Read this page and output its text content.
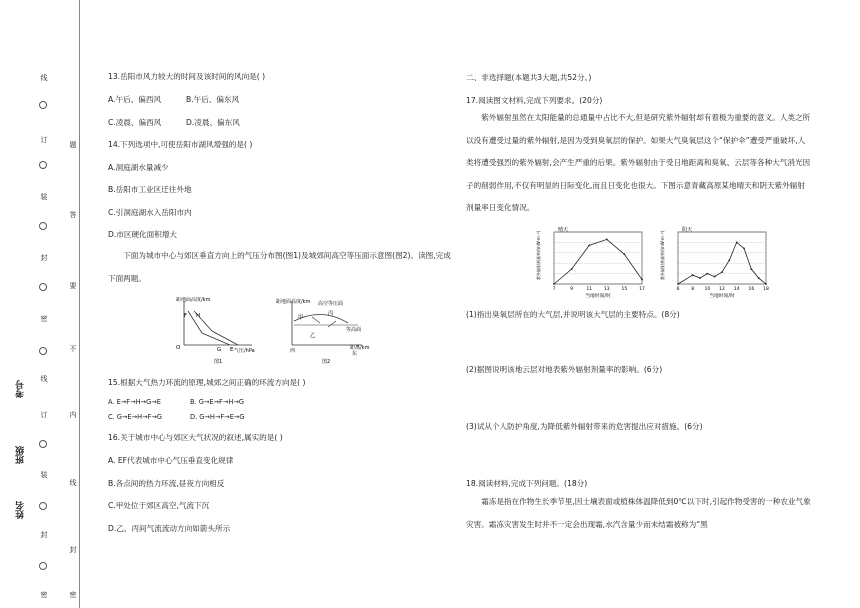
线
订
装
封
密
线
订
装
封
密
题
答
要
不
内
线
封
密
考号
班级
姓名
13.岳阳市风力较大的时间及该时间的风向是( )
A.午后、偏西风	B.午后、偏东风
C.凌晨、偏西风	D.凌晨、偏东风
14.下列选项中,可使岳阳市湖风增强的是( )
A.洞庭湖水量减少
B.岳阳市工业区迁往外地
C.引洞庭湖水入岳阳市内
D.市区硬化面积增大
下面为城市中心与郊区垂直方向上的气压分布图(图1)及城郊间高空等压面示意图(图2)。读图,完成下面两题。
距地面高度/km
气压/hPa
F H
G E
O
图1
距地面高度/km
距离/km
甲
乙
丙
高空等压面
等高面
西	东
图2
15.根据大气热力环流的原理,城郊之间正确的环流方向是( )
A. E→F→H→G→E	B. G→E→F→H→G
C. G→E→H→F→G	D. G→H→F→E→G
16.关于城市中心与郊区大气状况的叙述,属实的是( )
A. EF代表城市中心气压垂直变化规律
B.各点间的热力环流,昼夜方向相反
C.甲处位于郊区高空,气流下沉
D.乙、丙间气流流动方向如箭头所示
二、非选择题(本题共3大题,共52分。)
17.阅读图文材料,完成下列要求。(20分)
紫外辐射虽然在太阳能量的总通量中占比不大,但是研究紫外辐射却有着极为重要的意义。人类之所以没有遭受过量的紫外辐射,是因为受到臭氧层的保护。如果大气臭氧层这个“保护伞”遭受严重破坏,人类将遭受强烈的紫外辐射,会产生严重的后果。紫外辐射由于受日地距离和臭氧、云层等各种大气消光因子的削弱作用,不仅有明显的日际变化,而且日变化也很大。下图示意青藏高原某地晴天和阴天紫外辐射剂量率日变化情况。
晴天
紫外辐射剂量率/(mW·m⁻²)
7	9	11	13	15	17
当地时间/时
阴天
紫外辐射剂量率/(mW·m⁻²)
6	8 10 12 14 16 18
当地时间/时
(1)指出臭氧层所在的大气层,并说明该大气层的主要特点。(8分)
(2)据图说明该地云层对地表紫外辐射剂量率的影响。(6分)
(3)试从个人防护角度,为降低紫外辐射带来的危害提出应对措施。(6分)
18.阅读材料,完成下列问题。(18分)
霜冻是指在作物生长季节里,因土壤表面或植株体温降低到0℃以下时,引起作物受害的一种农业气象灾害。霜冻灾害发生时并不一定会出现霜,水汽含量少而未结霜被称为“黑
